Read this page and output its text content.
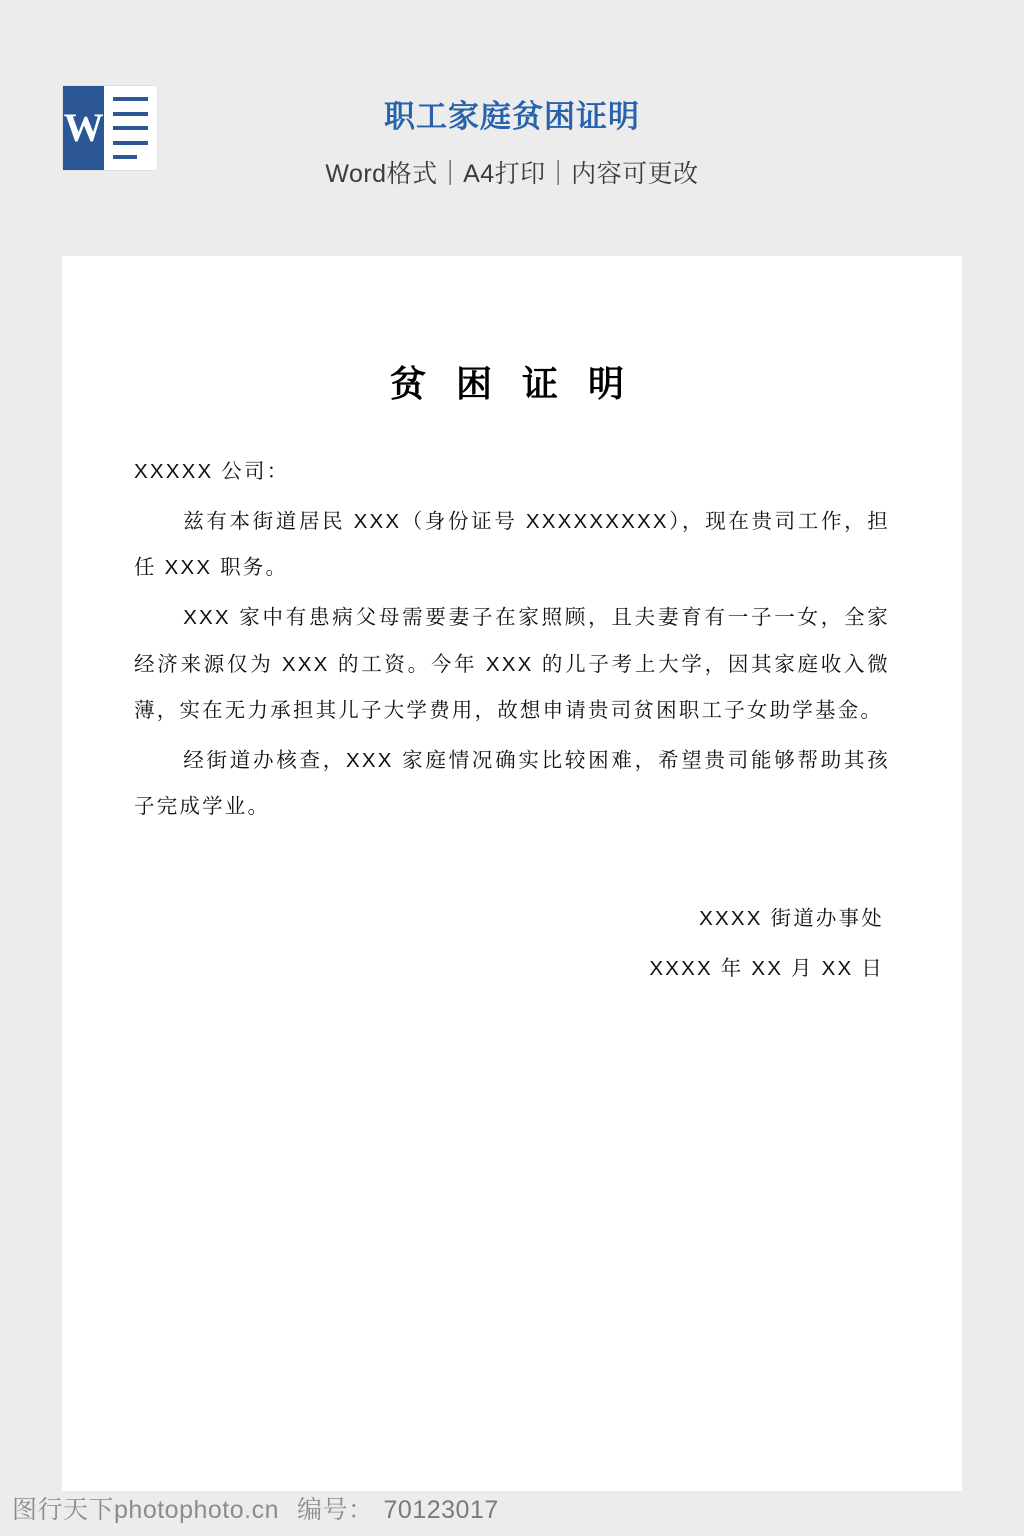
W	职工家庭贫困证明
Word格式｜A4打印｜内容可更改
贫 困 证 明

XXXXX 公司：

兹有本街道居民 XXX（身份证号 XXXXXXXXX），现在贵司工作，担任 XXX 职务。

XXX 家中有患病父母需要妻子在家照顾，且夫妻育有一子一女，全家经济来源仅为 XXX 的工资。今年 XXX 的儿子考上大学，因其家庭收入微薄，实在无力承担其儿子大学费用，故想申请贵司贫困职工子女助学基金。

经街道办核查，XXX 家庭情况确实比较困难，希望贵司能够帮助其孩子完成学业。

XXXX 街道办事处

XXXX 年 XX 月 XX 日

图行天下 photophoto.cn 编号： 70123017
